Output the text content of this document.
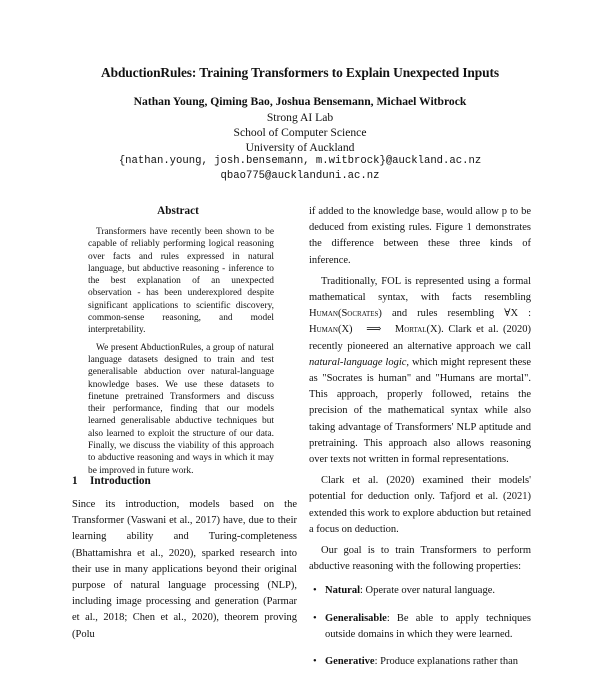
AbductionRules: Training Transformers to Explain Unexpected Inputs
Nathan Young, Qiming Bao, Joshua Bensemann, Michael Witbrock
Strong AI Lab
School of Computer Science
University of Auckland
{nathan.young, josh.bensemann, m.witbrock}@auckland.ac.nz
qbao775@aucklanduni.ac.nz
Abstract

Transformers have recently been shown to be capable of reliably performing logical reasoning over facts and rules expressed in natural language, but abductive reasoning - inference to the best explanation of an unexpected observation - has been underexplored despite significant applications to scientific discovery, common-sense reasoning, and model interpretability.

We present AbductionRules, a group of natural language datasets designed to train and test generalisable abduction over natural-language knowledge bases. We use these datasets to finetune pretrained Transformers and discuss their performance, finding that our models learned generalisable abductive techniques but also learned to exploit the structure of our data. Finally, we discuss the viability of this approach to abductive reasoning and ways in which it may be improved in future work.

1 Introduction

Since its introduction, models based on the Transformer (Vaswani et al., 2017) have, due to their learning ability and Turing-completeness (Bhattamishra et al., 2020), sparked research into their use in many applications beyond their original purpose of natural language processing (NLP), including image processing and generation (Parmar et al., 2018; Chen et al., 2020), theorem proving (Polu

if added to the knowledge base, would allow p to be deduced from existing rules. Figure 1 demonstrates the difference between these three kinds of inference.

Traditionally, FOL is represented using a formal mathematical syntax, with facts resembling Human(Socrates) and rules resembling ∀X : Human(X) ⟹ Mortal(X). Clark et al. (2020) recently pioneered an alternative approach we call natural-language logic, which might represent these as "Socrates is human" and "Humans are mortal". This approach, properly followed, retains the precision of the mathematical syntax while also taking advantage of Transformers' NLP aptitude and pretraining. This approach also allows reasoning over texts not written in formal representations.

Clark et al. (2020) examined their models' potential for deduction only. Tafjord et al. (2021) extended this work to explore abduction but retained a focus on deduction.

Our goal is to train Transformers to perform abductive reasoning with the following properties:

• Natural: Operate over natural language.
• Generalisable: Be able to apply techniques outside domains in which they were learned.
• Generative: Produce explanations rather than
